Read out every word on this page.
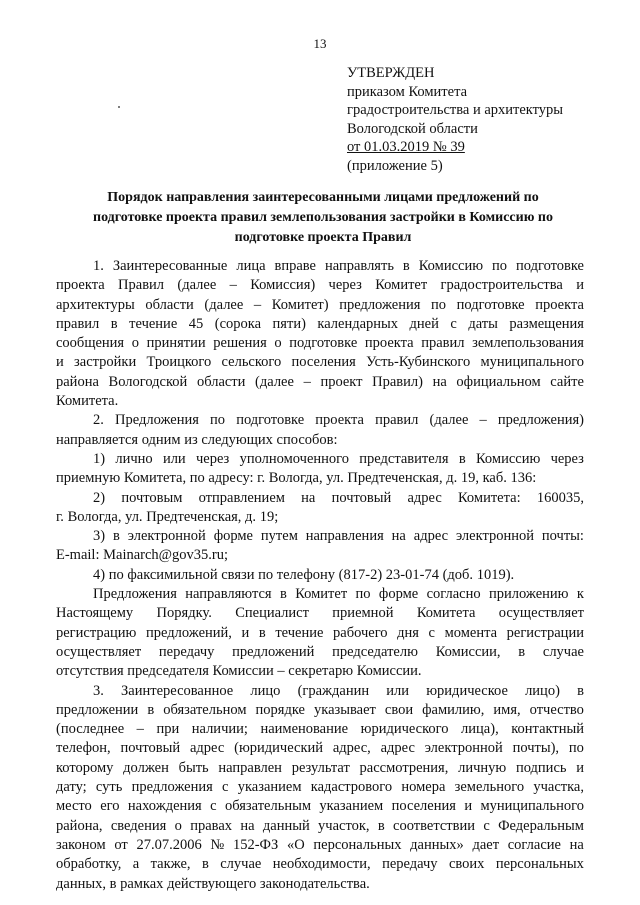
13
УТВЕРЖДЕН
приказом Комитета
градостроительства и архитектуры
Вологодской области
от 01.03.2019 № 39
(приложение 5)
Порядок направления заинтересованными лицами предложений по
подготовке проекта правил землепользования застройки в Комиссию по
подготовке проекта Правил
1. Заинтересованные лица вправе направлять в Комиссию по подготовке
проекта Правил (далее – Комиссия) через Комитет градостроительства и
архитектуры области (далее – Комитет) предложения по подготовке проекта
правил в течение 45 (сорока пяти) календарных дней с даты размещения
сообщения о принятии решения о подготовке проекта правил землепользования
и застройки Троицкого сельского поселения Усть-Кубинского муниципального
района Вологодской области (далее – проект Правил) на официальном сайте
Комитета.
2. Предложения по подготовке проекта правил (далее – предложения)
направляется одним из следующих способов:
1) лично или через уполномоченного представителя в Комиссию через
приемную Комитета, по адресу: г. Вологда, ул. Предтеченская, д. 19, каб. 136:
2) почтовым отправлением на почтовый адрес Комитета: 160035,
г. Вологда, ул. Предтеченская, д. 19;
3) в электронной форме путем направления на адрес электронной почты:
E-mail: Mainarch@gov35.ru;
4) по факсимильной связи по телефону (817-2) 23-01-74 (доб. 1019).
Предложения направляются в Комитет по форме согласно приложению к
Настоящему Порядку. Специалист приемной Комитета осуществляет
регистрацию предложений, и в течение рабочего дня с момента регистрации
осуществляет передачу предложений председателю Комиссии, в случае
отсутствия председателя Комиссии – секретарю Комиссии.
3. Заинтересованное лицо (гражданин или юридическое лицо) в
предложении в обязательном порядке указывает свои фамилию, имя, отчество
(последнее – при наличии; наименование юридического лица), контактный
телефон, почтовый адрес (юридический адрес, адрес электронной почты), по
которому должен быть направлен результат рассмотрения, личную подпись и
дату; суть предложения с указанием кадастрового номера земельного участка,
место его нахождения с обязательным указанием поселения и муниципального
района, сведения о правах на данный участок, в соответствии с Федеральным
законом от 27.07.2006 № 152-ФЗ «О персональных данных» дает согласие на
обработку, а также, в случае необходимости, передачу своих персональных
данных, в рамках действующего законодательства.
